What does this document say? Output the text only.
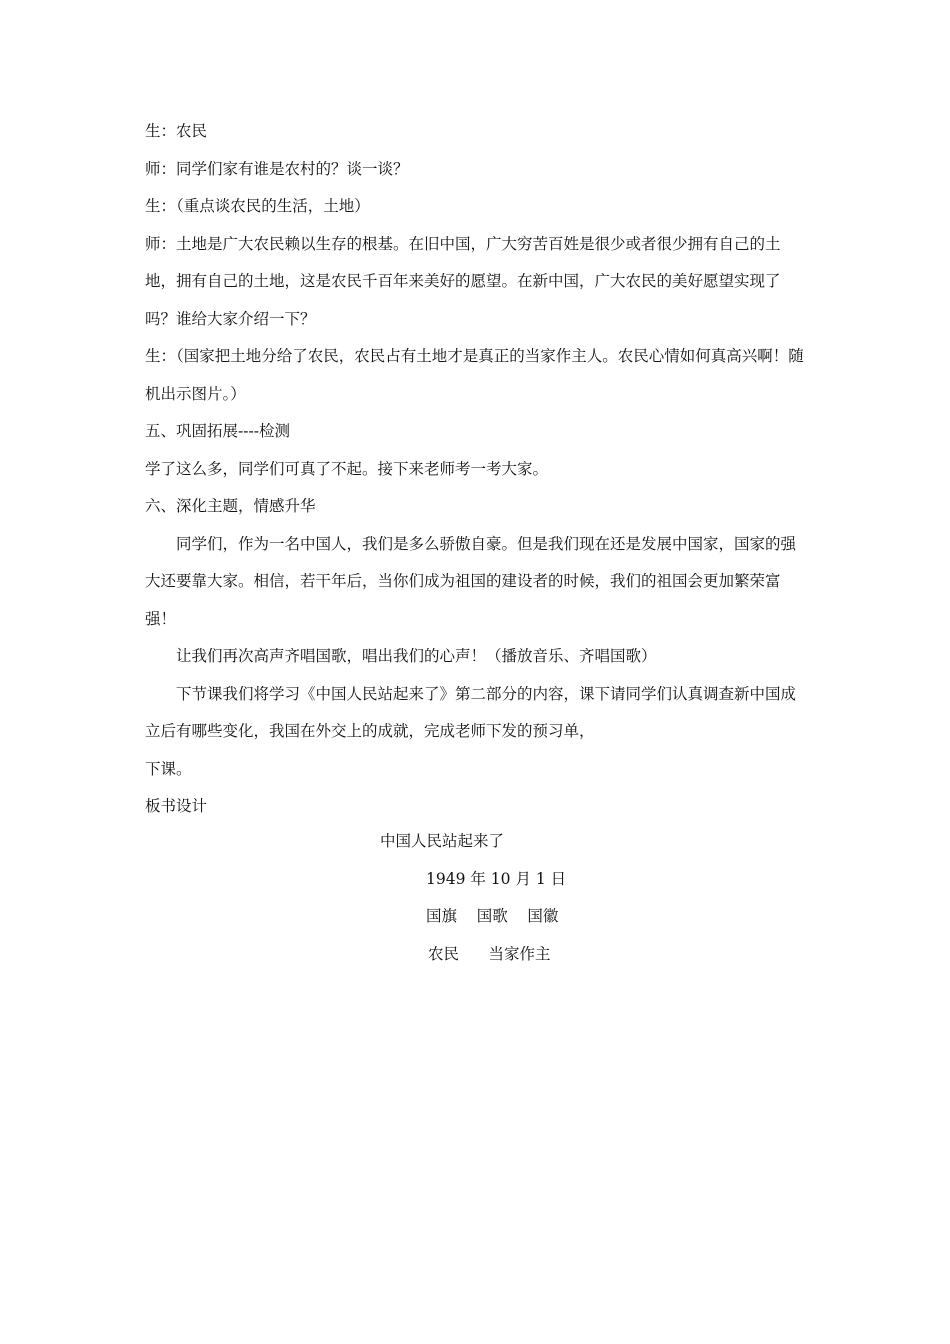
生：农民

师：同学们家有谁是农村的？谈一谈？

生：（重点谈农民的生活，土地）

师：土地是广大农民赖以生存的根基。在旧中国，广大穷苦百姓是很少或者很少拥有自己的土地，拥有自己的土地，这是农民千百年来美好的愿望。在新中国，广大农民的美好愿望实现了吗？谁给大家介绍一下？

生：（国家把土地分给了农民，农民占有土地才是真正的当家作主人。农民心情如何真高兴啊！随机出示图片。）

五、巩固拓展----检测

学了这么多，同学们可真了不起。接下来老师考一考大家。

六、深化主题，情感升华

同学们，作为一名中国人，我们是多么骄傲自豪。但是我们现在还是发展中国家，国家的强大还要靠大家。相信，若干年后，当你们成为祖国的建设者的时候，我们的祖国会更加繁荣富强！

让我们再次高声齐唱国歌，唱出我们的心声！（播放音乐、齐唱国歌）

下节课我们将学习《中国人民站起来了》第二部分的内容，课下请同学们认真调查新中国成立后有哪些变化，我国在外交上的成就，完成老师下发的预习单，

下课。

板书设计

中国人民站起来了

1949 年 10 月 1 日

国旗    国歌    国徽

农民      当家作主
